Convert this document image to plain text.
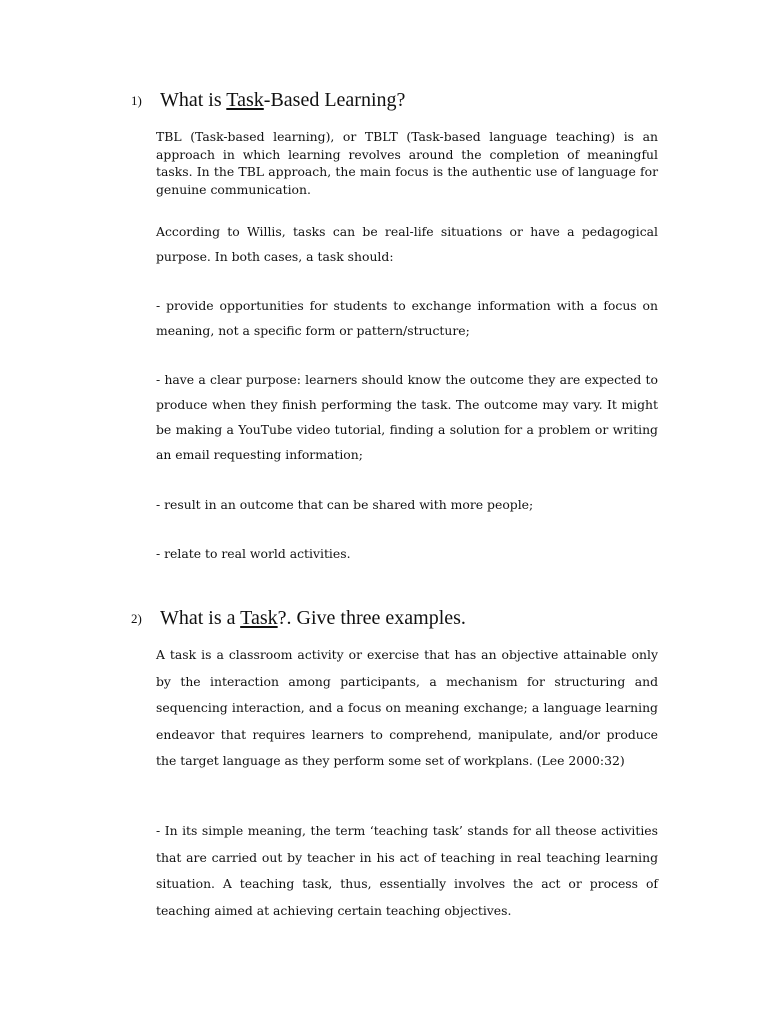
1) What is Task-Based Learning?

TBL (Task-based learning), or TBLT (Task-based language teaching) is an approach in which learning revolves around the completion of meaningful tasks. In the TBL approach, the main focus is the authentic use of language for genuine communication.

According to Willis, tasks can be real-life situations or have a pedagogical purpose. In both cases, a task should:

- provide opportunities for students to exchange information with a focus on meaning, not a specific form or pattern/structure;

- have a clear purpose: learners should know the outcome they are expected to produce when they finish performing the task. The outcome may vary. It might be making a YouTube video tutorial, finding a solution for a problem or writing an email requesting information;

- result in an outcome that can be shared with more people;

- relate to real world activities.

2) What is a Task?. Give three examples.

A task is a classroom activity or exercise that has an objective attainable only by the interaction among participants, a mechanism for structuring and sequencing interaction, and a focus on meaning exchange; a language learning endeavor that requires learners to comprehend, manipulate, and/or produce the target language as they perform some set of workplans. (Lee 2000:32)

- In its simple meaning, the term ‘teaching task’ stands for all theose activities that are carried out by teacher in his act of teaching in real teaching learning situation. A teaching task, thus, essentially involves the act or process of teaching aimed at achieving certain teaching objectives.
